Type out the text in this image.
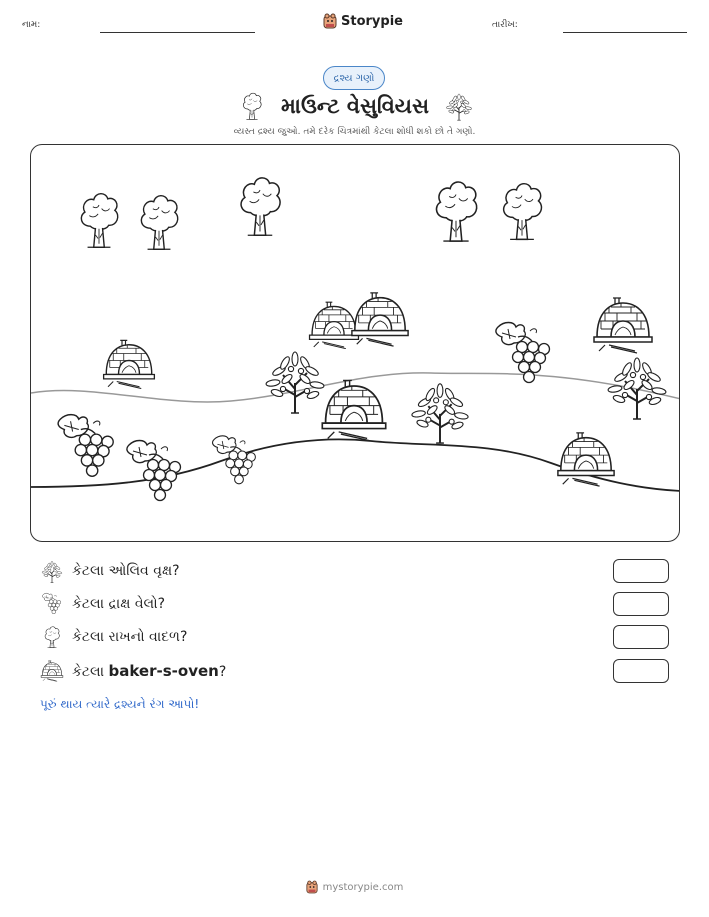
નામ:	Storypie	તારીખ:
દ્રશ્ય ગણો
માઉન્ટ વેસુવિયસ
વ્યસ્ત દ્રશ્ય જુઓ. તમે દરેક ચિત્રમાંથી કેટલા શોધી શકો છો તે ગણો.
કેટલા ઓલિવ વૃક્ષ?
કેટલા દ્રાક્ષ વેલો?
કેટલા રાખનો વાદળ?
કેટલા baker-s-oven?
પૂરું થાય ત્યારે દ્રશ્યને રંગ આપો!
mystorypie.com
